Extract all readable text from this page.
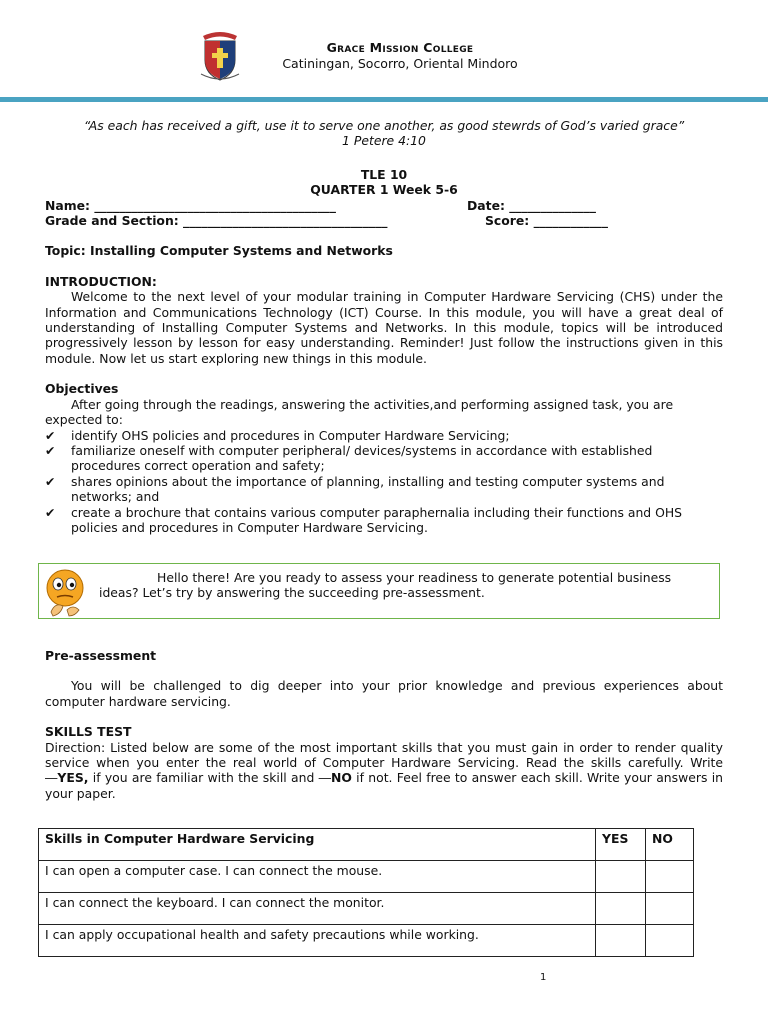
Grace Mission College
Catiningan, Socorro, Oriental Mindoro

“As each has received a gift, use it to serve one another, as good stewrds of God’s varied grace”

1 Petere 4:10

TLE 10

QUARTER 1 Week 5-6

Name: _______________________________________	Date: ______________
Grade and Section: _________________________________	Score: ____________

Topic: Installing Computer Systems and Networks

INTRODUCTION:

Welcome to the next level of your modular training in Computer Hardware Servicing (CHS) under the Information and Communications Technology (ICT) Course. In this module, you will have a great deal of understanding of Installing Computer Systems and Networks. In this module, topics will be introduced progressively lesson by lesson for easy understanding. Reminder! Just follow the instructions given in this module. Now let us start exploring new things in this module.

Objectives

After going through the readings, answering the activities,and performing assigned task, you are expected to:

✔ identify OHS policies and procedures in Computer Hardware Servicing;
✔ familiarize oneself with computer peripheral/ devices/systems in accordance with established procedures correct operation and safety;
✔ shares opinions about the importance of planning, installing and testing computer systems and networks; and
✔ create a brochure that contains various computer paraphernalia including their functions and OHS policies and procedures in Computer Hardware Servicing.

Hello there! Are you ready to assess your readiness to generate potential business ideas? Let’s try by answering the succeeding pre-assessment.

Pre-assessment

You will be challenged to dig deeper into your prior knowledge and previous experiences about computer hardware servicing.

SKILLS TEST

Direction: Listed below are some of the most important skills that you must gain in order to render quality service when you enter the real world of Computer Hardware Servicing. Read the skills carefully. Write ―YES, if you are familiar with the skill and ―NO if not. Feel free to answer each skill. Write your answers in your paper.

Skills in Computer Hardware Servicing	YES	NO
I can open a computer case. I can connect the mouse.		
I can connect the keyboard. I can connect the monitor.		
I can apply occupational health and safety precautions while working.		
1
